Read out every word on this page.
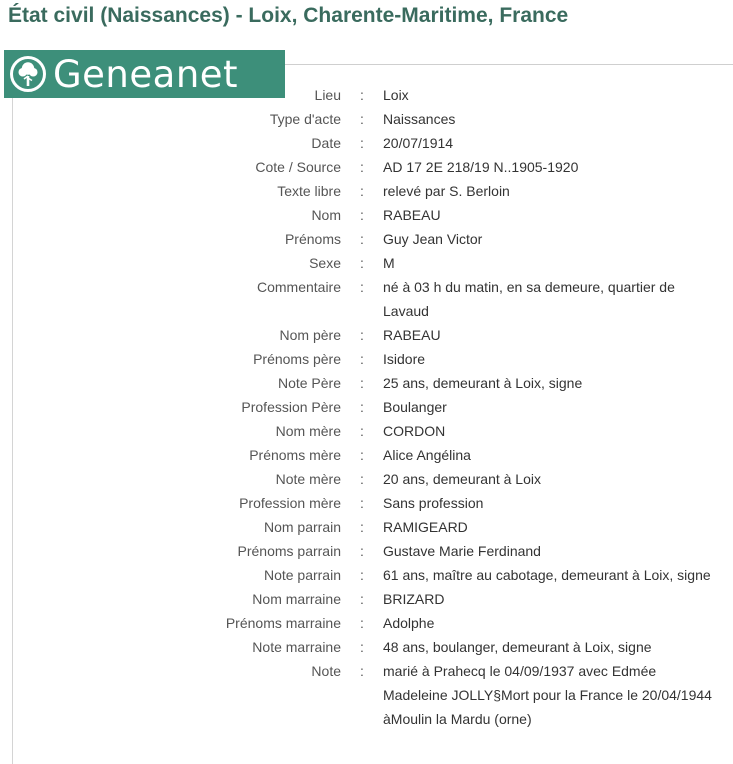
État civil (Naissances) - Loix, Charente-Maritime, France
Geneanet	Lieu	:	Loix
Type d'acte	:	Naissances
Date	:	20/07/1914
Cote / Source	:	AD 17 2E 218/19 N..1905-1920
Texte libre	:	relevé par S. Berloin
Nom	:	RABEAU
Prénoms	:	Guy Jean Victor
Sexe	:	M
Commentaire	:	né à 03 h du matin, en sa demeure, quartier de Lavaud
Nom père	:	RABEAU
Prénoms père	:	Isidore
Note Père	:	25 ans, demeurant à Loix, signe
Profession Père	:	Boulanger
Nom mère	:	CORDON
Prénoms mère	:	Alice Angélina
Note mère	:	20 ans, demeurant à Loix
Profession mère	:	Sans profession
Nom parrain	:	RAMIGEARD
Prénoms parrain	:	Gustave Marie Ferdinand
Note parrain	:	61 ans, maître au cabotage, demeurant à Loix, signe
Nom marraine	:	BRIZARD
Prénoms marraine	:	Adolphe
Note marraine	:	48 ans, boulanger, demeurant à Loix, signe
Note	:	marié à Prahecq le 04/09/1937 avec Edmée Madeleine JOLLY§Mort pour la France le 20/04/1944 àMoulin la Mardu (orne)
